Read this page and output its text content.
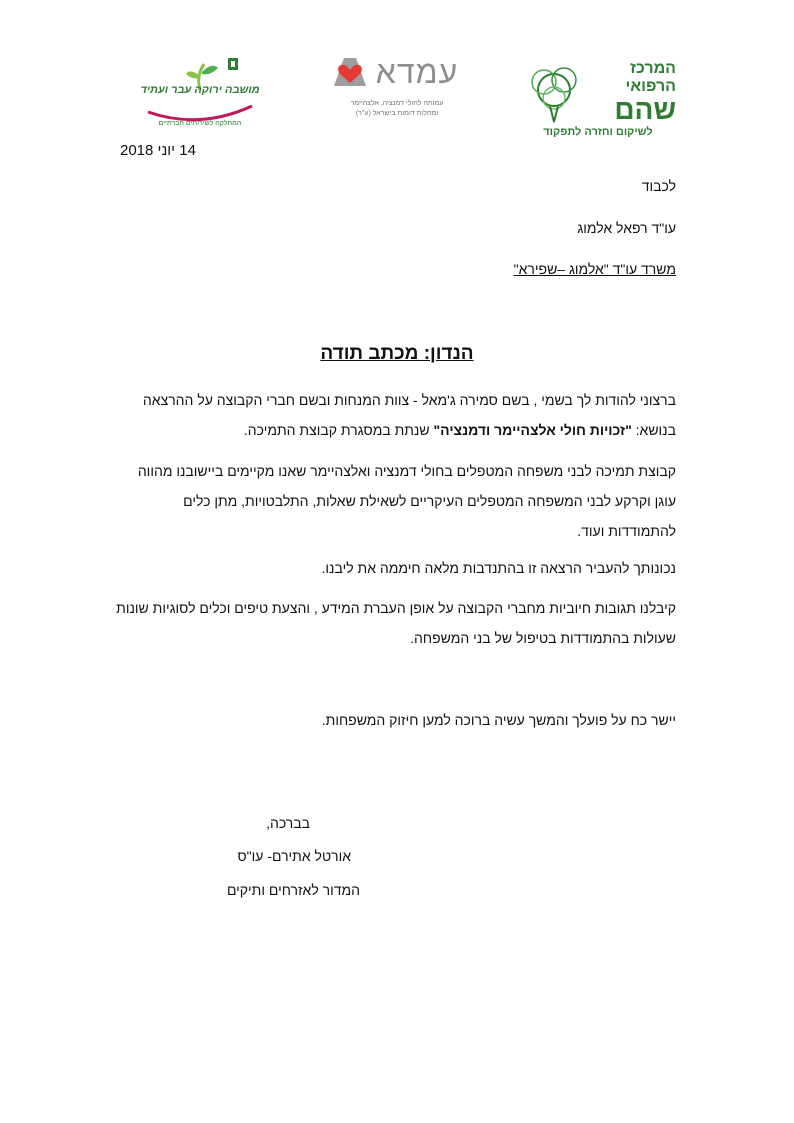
מושבה ירוקה עבר ועתיד
המחלקה לשירותים חברתיים
עמדא
עמותה לחולי דמנציה, אלצהיימר
ומחלות דומות בישראל (ע"ר)
המרכז
הרפואי
שהם
לשיקום וחזרה לתפקוד
14 יוני 2018
לכבוד
עו"ד רפאל אלמוג
משרד עו"ד "אלמוג –שפירא"
הנדון: מכתב תודה
ברצוני להודות לך בשמי , בשם סמירה ג'מאל - צוות המנחות ובשם חברי הקבוצה על ההרצאה בנושא: "זכויות חולי אלצהיימר ודמנציה" שנתת במסגרת קבוצת התמיכה.
קבוצת תמיכה לבני משפחה המטפלים בחולי דמנציה ואלצהיימר שאנו מקיימים ביישובנו מהווה עוגן וקרקע לבני המשפחה המטפלים העיקריים לשאילת שאלות, התלבטויות, מתן כלים להתמודדות ועוד.
נכונותך להעביר הרצאה זו בהתנדבות מלאה חיממה את ליבנו.
קיבלנו תגובות חיוביות מחברי הקבוצה על אופן העברת המידע , והצעת טיפים וכלים לסוגיות שונות שעולות בהתמודדות בטיפול של בני המשפחה.
יישר כח על פועלך והמשך עשיה ברוכה למען חיזוק המשפחות.
בברכה,
אורטל אתירם- עו"ס
המדור לאזרחים ותיקים
